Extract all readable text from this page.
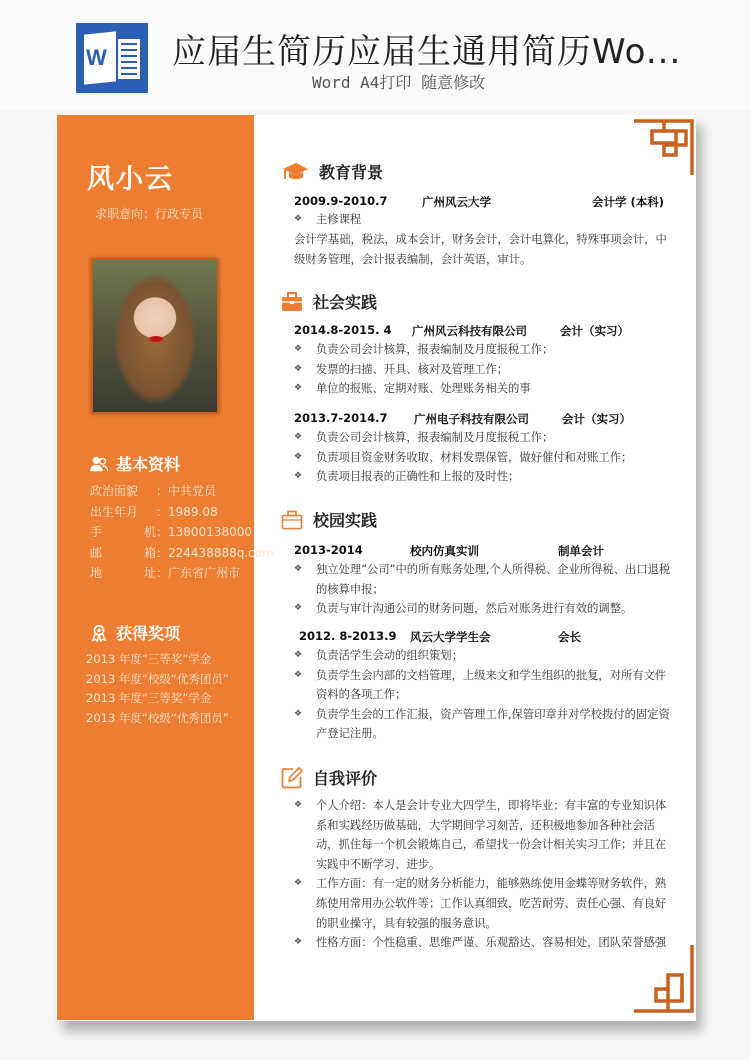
W 应届生简历应届生通用简历Wo...
Word A4打印 随意修改
风小云
求职意向：行政专员
基本资料
政治面貌 ： 中共党员
出生年月 ： 1989.08
手	机 ： 13800138000
邮	箱 ： 224438888q.com
地	址 ： 广东省广州市
获得奖项
2013 年度“三等奖”学金
2013 年度“校级“优秀团员”
2013 年度“三等奖”学金
2013 年度“校级“优秀团员”
教育背景
2009.9-2010.7	广州风云大学	会计学 (本科)
❖	主修课程
会计学基础，税法，成本会计，财务会计，会计电算化，特殊事项会计，中级财务管理，会计报表编制，会计英语，审计。
社会实践
2014.8-2015. 4 广州风云科技有限公司	会计（实习）
❖	负责公司会计核算，报表编制及月度报税工作；
❖	发票的扫描、开具、核对及管理工作；
❖	单位的报账、定期对账、处理账务相关的事
2013.7-2014.7 广州电子科技有限公司	会计（实习）
❖	负责公司会计核算，报表编制及月度报税工作；
❖	负责项目资金财务收取、材料发票保管，做好催付和对账工作；
❖	负责项目报表的正确性和上报的及时性；
校园实践
2013-2014	校内仿真实训	制单会计
❖	独立处理“公司”中的所有账务处理,个人所得税、企业所得税、出口退税的核算申报；
❖	负责与审计沟通公司的财务问题，然后对账务进行有效的调整。
2012. 8-2013.9 风云大学学生会	会长
❖	负责活学生会动的组织策划；
❖	负责学生会内部的文档管理，上级来文和学生组织的批复，对所有文件资料的各项工作；
❖	负责学生会的工作汇报，资产管理工作,保管印章并对学校拨付的固定资产登记注册。
自我评价
❖	个人介绍：本人是会计专业大四学生，即将毕业；有丰富的专业知识体系和实践经历做基础，大学期间学习刻苦，还积极地参加各种社会活动，抓住每一个机会锻炼自己，希望找一份会计相关实习工作；并且在实践中不断学习、进步。
❖	工作方面：有一定的财务分析能力，能够熟练使用金蝶等财务软件，熟练使用常用办公软件等；工作认真细致，吃苦耐劳、责任心强、有良好的职业操守，具有较强的服务意识。
❖	性格方面：个性稳重、思维严谨、乐观豁达、容易相处，团队荣誉感强
